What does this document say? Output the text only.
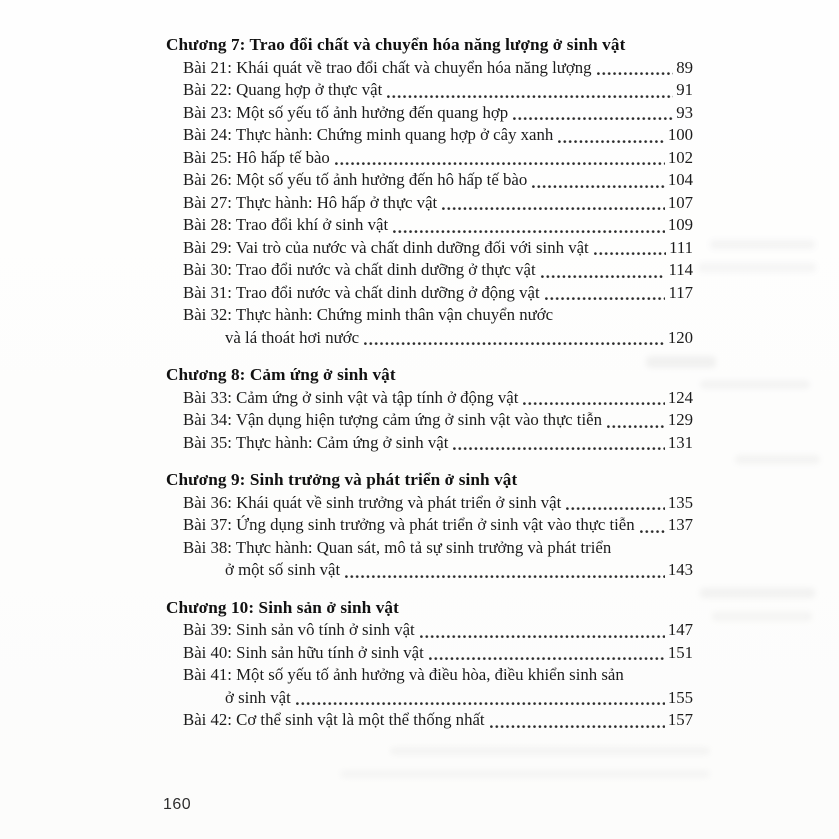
Chương 7: Trao đổi chất và chuyển hóa năng lượng ở sinh vật
Bài 21: Khái quát về trao đổi chất và chuyển hóa năng lượng	89
Bài 22: Quang hợp ở thực vật	91
Bài 23: Một số yếu tố ảnh hưởng đến quang hợp	93
Bài 24: Thực hành: Chứng minh quang hợp ở cây xanh	100
Bài 25: Hô hấp tế bào	102
Bài 26: Một số yếu tố ảnh hưởng đến hô hấp tế bào	104
Bài 27: Thực hành: Hô hấp ở thực vật	107
Bài 28: Trao đổi khí ở sinh vật	109
Bài 29: Vai trò của nước và chất dinh dưỡng đối với sinh vật	111
Bài 30: Trao đổi nước và chất dinh dưỡng ở thực vật	114
Bài 31: Trao đổi nước và chất dinh dưỡng ở động vật	117
Bài 32: Thực hành: Chứng minh thân vận chuyển nước
và lá thoát hơi nước	120
Chương 8: Cảm ứng ở sinh vật
Bài 33: Cảm ứng ở sinh vật và tập tính ở động vật	124
Bài 34: Vận dụng hiện tượng cảm ứng ở sinh vật vào thực tiễn	129
Bài 35: Thực hành: Cảm ứng ở sinh vật	131
Chương 9: Sinh trưởng và phát triển ở sinh vật
Bài 36: Khái quát về sinh trưởng và phát triển ở sinh vật	135
Bài 37: Ứng dụng sinh trưởng và phát triển ở sinh vật vào thực tiễn 137
Bài 38: Thực hành: Quan sát, mô tả sự sinh trưởng và phát triển
ở một số sinh vật	143
Chương 10: Sinh sản ở sinh vật
Bài 39: Sinh sản vô tính ở sinh vật	147
Bài 40: Sinh sản hữu tính ở sinh vật	151
Bài 41: Một số yếu tố ảnh hưởng và điều hòa, điều khiển sinh sản
ở sinh vật	155
Bài 42: Cơ thể sinh vật là một thể thống nhất	157
160
